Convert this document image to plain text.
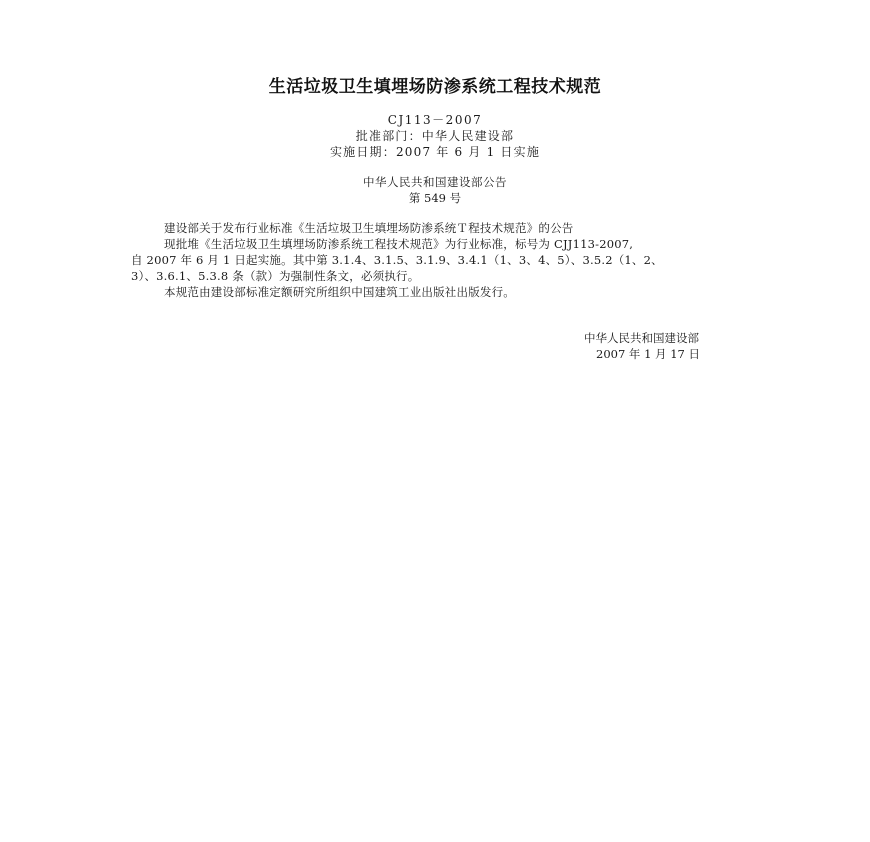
生活垃圾卫生填埋场防渗系统工程技术规范
CJ113－2007
批准部门：中华人民建设部
实施日期：2007 年 6 月 1 日实施
中华人民共和国建设部公告
第 549 号
建设部关于发布行业标准《生活垃圾卫生填埋场防渗系统Ｔ程技术规范》的公告
现批堆《生活垃圾卫生填埋场防渗系统工程技术规范》为行业标准，标号为 CJJ113-2007,
自 2007 年 6 月 1 日起实施。其中第 3.1.4、3.1.5、3.1.9、3.4.1（1、3、4、5）、3.5.2（1、2、
3）、3.6.1、5.3.8 条（款）为强制性条文，必须执行。
本规范由建设部标准定额研究所组织中国建筑工业出版社出版发行。
中华人民共和国建设部
2007 年 1 月 17 日
